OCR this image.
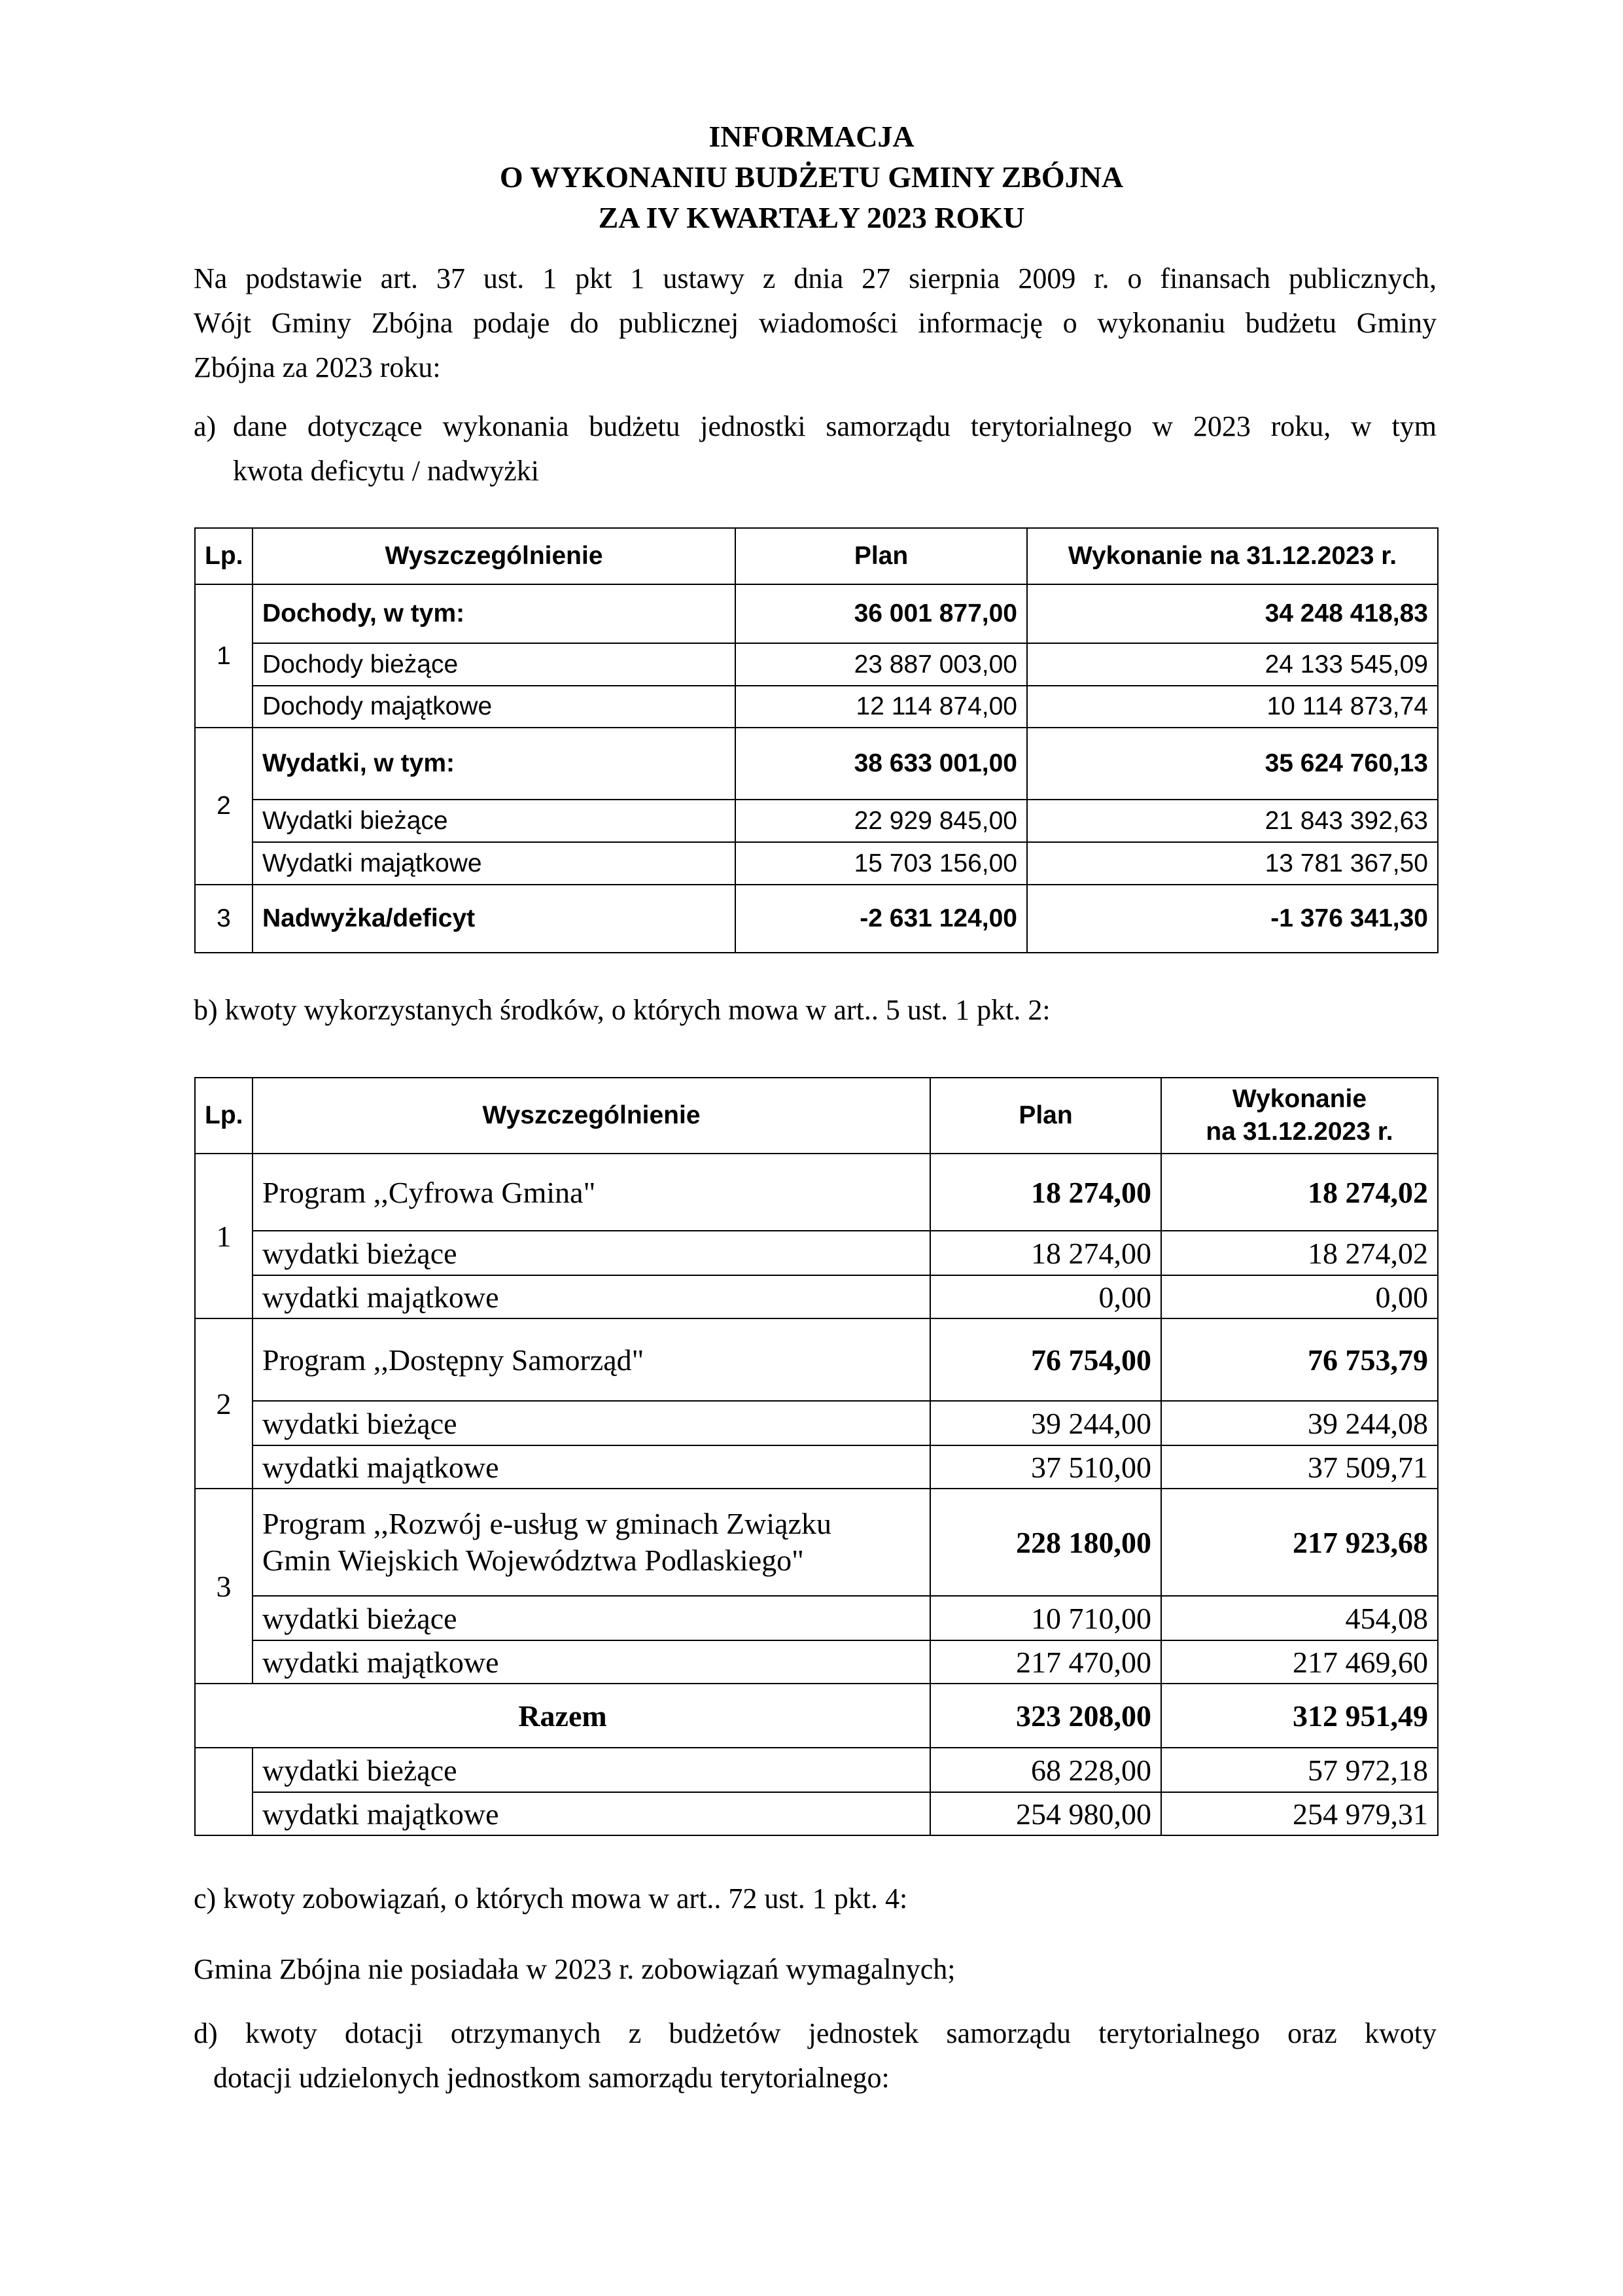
INFORMACJA
O WYKONANIU BUDŻETU GMINY ZBÓJNA
ZA IV KWARTAŁY 2023 ROKU
Na podstawie art. 37 ust. 1 pkt 1 ustawy z dnia 27 sierpnia 2009 r. o finansach publicznych,
Wójt Gminy Zbójna podaje do publicznej wiadomości informację o wykonaniu budżetu Gminy
Zbójna za 2023 roku:
a) dane dotyczące wykonania budżetu jednostki samorządu terytorialnego w 2023 roku, w tym
kwota deficytu / nadwyżki
Lp.	Wyszczególnienie	Plan	Wykonanie na 31.12.2023 r.
1	Dochody, w tym:	36 001 877,00	34 248 418,83
	Dochody bieżące	23 887 003,00	24 133 545,09
	Dochody majątkowe	12 114 874,00	10 114 873,74
2	Wydatki, w tym:	38 633 001,00	35 624 760,13
	Wydatki bieżące	22 929 845,00	21 843 392,63
	Wydatki majątkowe	15 703 156,00	13 781 367,50
3	Nadwyżka/deficyt	-2 631 124,00	-1 376 341,30
b) kwoty wykorzystanych środków, o których mowa w art.. 5 ust. 1 pkt. 2:
Lp.	Wyszczególnienie	Plan	Wykonanie
na 31.12.2023 r.

1	Program ,,Cyfrowa Gmina"	18 274,00	18 274,02
	wydatki bieżące	18 274,00	18 274,02
	wydatki majątkowe	0,00	0,00
2	Program ,,Dostępny Samorząd"	76 754,00	76 753,79
	wydatki bieżące	39 244,00	39 244,08
	wydatki majątkowe	37 510,00	37 509,71
3	Program ,,Rozwój e-usług w gminach Związku
Gmin Wiejskich Województwa Podlaskiego"	228 180,00	217 923,68
	wydatki bieżące	10 710,00	454,08
	wydatki majątkowe	217 470,00	217 469,60
Razem		323 208,00	312 951,49
	wydatki bieżące	68 228,00	57 972,18
	wydatki majątkowe	254 980,00	254 979,31
c) kwoty zobowiązań, o których mowa w art.. 72 ust. 1 pkt. 4:
Gmina Zbójna nie posiadała w 2023 r. zobowiązań wymagalnych;
d) kwoty dotacji otrzymanych z budżetów jednostek samorządu terytorialnego oraz kwoty
dotacji udzielonych jednostkom samorządu terytorialnego:
